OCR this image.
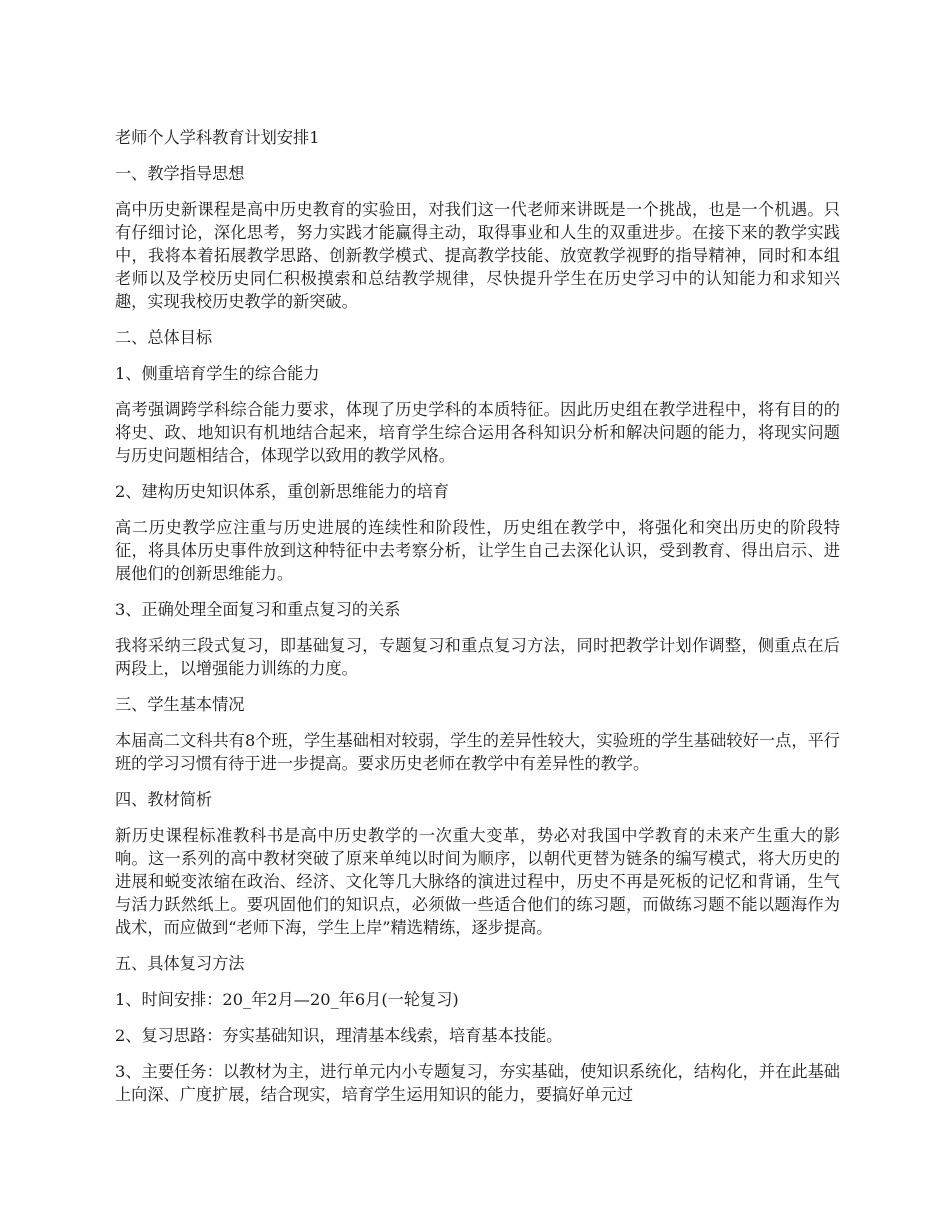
老师个人学科教育计划安排1

一、教学指导思想

高中历史新课程是高中历史教育的实验田，对我们这一代老师来讲既是一个挑战，也是一个机遇。只有仔细讨论，深化思考，努力实践才能赢得主动，取得事业和人生的双重进步。在接下来的教学实践中，我将本着拓展教学思路、创新教学模式、提高教学技能、放宽教学视野的指导精神，同时和本组老师以及学校历史同仁积极摸索和总结教学规律，尽快提升学生在历史学习中的认知能力和求知兴趣，实现我校历史教学的新突破。

二、总体目标

1、侧重培育学生的综合能力

高考强调跨学科综合能力要求，体现了历史学科的本质特征。因此历史组在教学进程中，将有目的的将史、政、地知识有机地结合起来，培育学生综合运用各科知识分析和解决问题的能力，将现实问题与历史问题相结合，体现学以致用的教学风格。

2、建构历史知识体系，重创新思维能力的培育

高二历史教学应注重与历史进展的连续性和阶段性，历史组在教学中，将强化和突出历史的阶段特征，将具体历史事件放到这种特征中去考察分析，让学生自己去深化认识，受到教育、得出启示、进展他们的创新思维能力。

3、正确处理全面复习和重点复习的关系

我将采纳三段式复习，即基础复习，专题复习和重点复习方法，同时把教学计划作调整，侧重点在后两段上，以增强能力训练的力度。

三、学生基本情况

本届高二文科共有8个班，学生基础相对较弱，学生的差异性较大，实验班的学生基础较好一点，平行班的学习习惯有待于进一步提高。要求历史老师在教学中有差异性的教学。

四、教材简析

新历史课程标准教科书是高中历史教学的一次重大变革，势必对我国中学教育的未来产生重大的影响。这一系列的高中教材突破了原来单纯以时间为顺序，以朝代更替为链条的编写模式，将大历史的进展和蜕变浓缩在政治、经济、文化等几大脉络的演进过程中，历史不再是死板的记忆和背诵，生气与活力跃然纸上。要巩固他们的知识点，必须做一些适合他们的练习题，而做练习题不能以题海作为战术，而应做到“老师下海，学生上岸”精选精练，逐步提高。

五、具体复习方法

1、时间安排：20_年2月—20_年6月(一轮复习)

2、复习思路：夯实基础知识，理清基本线索，培育基本技能。

3、主要任务：以教材为主，进行单元内小专题复习，夯实基础，使知识系统化，结构化，并在此基础上向深、广度扩展，结合现实，培育学生运用知识的能力，要搞好单元过
